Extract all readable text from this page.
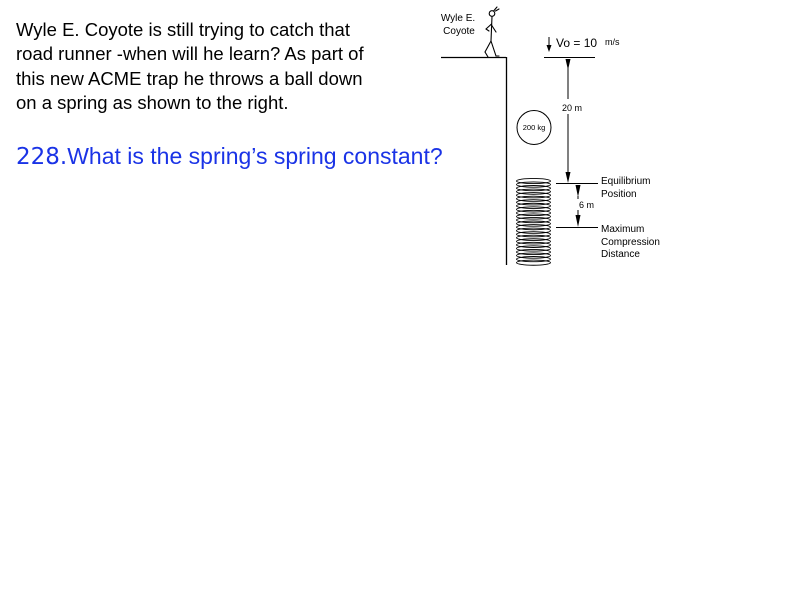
Wyle E. Coyote is still trying to catch that
road runner -when will he learn? As part of
this new ACME trap he throws a ball down
on a spring as shown to the right.
228.What is the spring’s spring constant?
Wyle E.
Coyote
Vo = 10 m/s
20 m
200 kg
Equilibrium
Position
6 m
Maximum
Compression
Distance
